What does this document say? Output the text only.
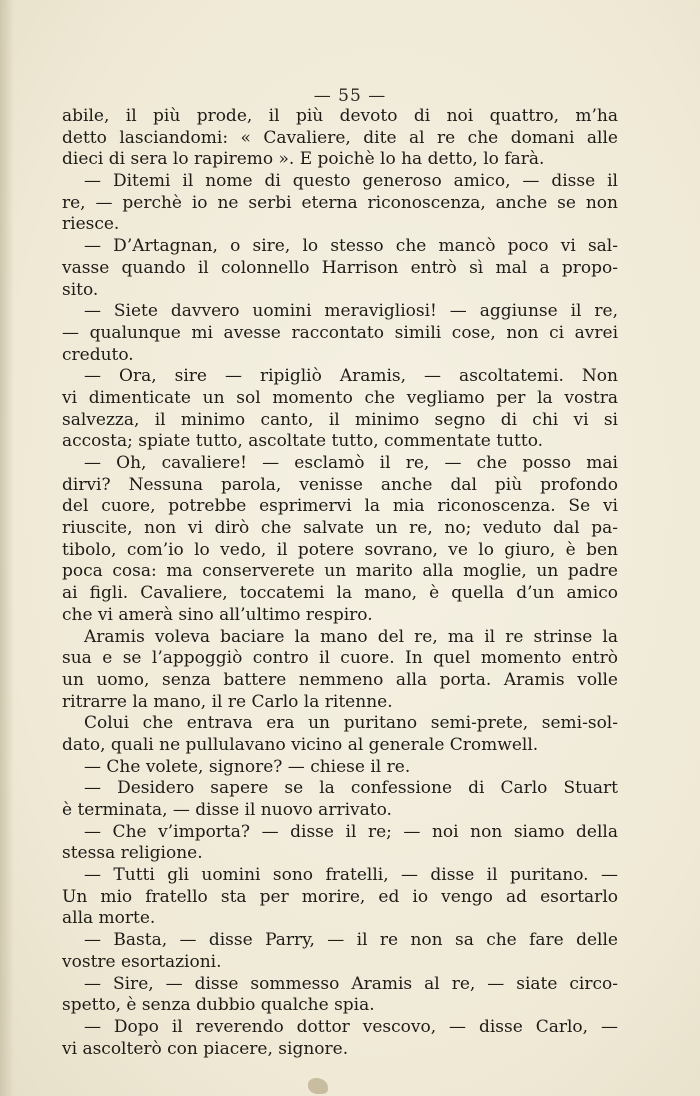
— 55 —
abile, il più prode, il più devoto di noi quattro, m’ha
detto lasciandomi: « Cavaliere, dite al re che domani alle
dieci di sera lo rapiremo ». E poichè lo ha detto, lo farà.
— Ditemi il nome di questo generoso amico, — disse il
re, — perchè io ne serbi eterna riconoscenza, anche se non
riesce.
— D’Artagnan, o sire, lo stesso che mancò poco vi sal-
vasse quando il colonnello Harrison entrò sì mal a propo-
sito.
— Siete davvero uomini meravigliosi! — aggiunse il re,
— qualunque mi avesse raccontato simili cose, non ci avrei
creduto.
— Ora, sire — ripigliò Aramis, — ascoltatemi. Non
vi dimenticate un sol momento che vegliamo per la vostra
salvezza, il minimo canto, il minimo segno di chi vi si
accosta; spiate tutto, ascoltate tutto, commentate tutto.
— Oh, cavaliere! — esclamò il re, — che posso mai
dirvi? Nessuna parola, venisse anche dal più profondo
del cuore, potrebbe esprimervi la mia riconoscenza. Se vi
riuscite, non vi dirò che salvate un re, no; veduto dal pa-
tibolo, com’io lo vedo, il potere sovrano, ve lo giuro, è ben
poca cosa: ma conserverete un marito alla moglie, un padre
ai figli. Cavaliere, toccatemi la mano, è quella d’un amico
che vi amerà sino all’ultimo respiro.
Aramis voleva baciare la mano del re, ma il re strinse la
sua e se l’appoggiò contro il cuore. In quel momento entrò
un uomo, senza battere nemmeno alla porta. Aramis volle
ritrarre la mano, il re Carlo la ritenne.
Colui che entrava era un puritano semi-prete, semi-sol-
dato, quali ne pullulavano vicino al generale Cromwell.
— Che volete, signore? — chiese il re.
— Desidero sapere se la confessione di Carlo Stuart
è terminata, — disse il nuovo arrivato.
— Che v’importa? — disse il re; — noi non siamo della
stessa religione.
— Tutti gli uomini sono fratelli, — disse il puritano. —
Un mio fratello sta per morire, ed io vengo ad esortarlo
alla morte.
— Basta, — disse Parry, — il re non sa che fare delle
vostre esortazioni.
— Sire, — disse sommesso Aramis al re, — siate circo-
spetto, è senza dubbio qualche spia.
— Dopo il reverendo dottor vescovo, — disse Carlo, —
vi ascolterò con piacere, signore.
